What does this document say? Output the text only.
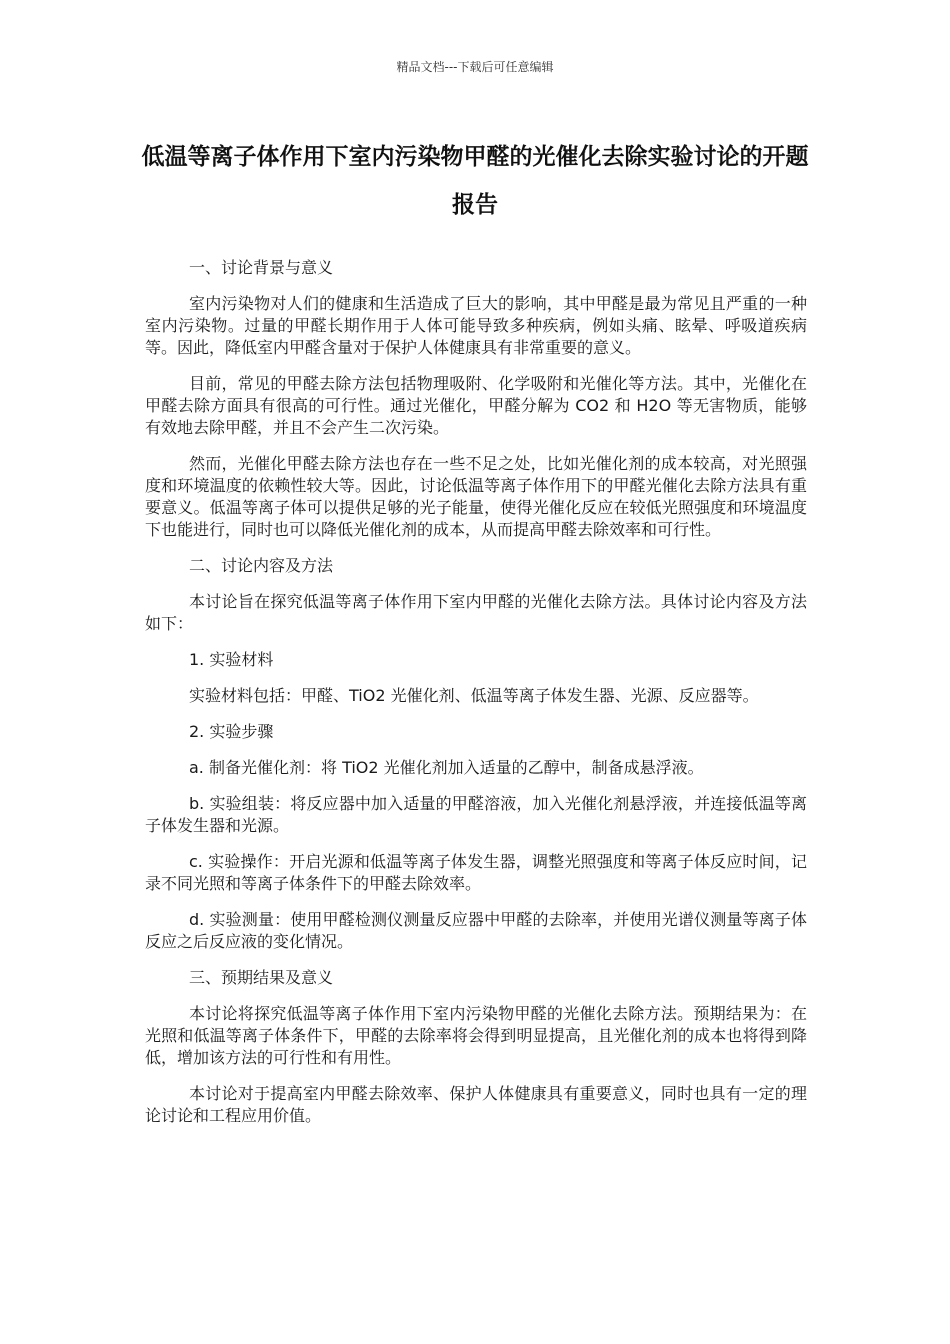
精品文档---下载后可任意编辑
低温等离子体作用下室内污染物甲醛的光催化去除实验讨论的开题报告

一、讨论背景与意义

室内污染物对人们的健康和生活造成了巨大的影响，其中甲醛是最为常见且严重的一种室内污染物。过量的甲醛长期作用于人体可能导致多种疾病，例如头痛、眩晕、呼吸道疾病等。因此，降低室内甲醛含量对于保护人体健康具有非常重要的意义。

目前，常见的甲醛去除方法包括物理吸附、化学吸附和光催化等方法。其中，光催化在甲醛去除方面具有很高的可行性。通过光催化，甲醛分解为 CO2 和 H2O 等无害物质，能够有效地去除甲醛，并且不会产生二次污染。

然而，光催化甲醛去除方法也存在一些不足之处，比如光催化剂的成本较高，对光照强度和环境温度的依赖性较大等。因此，讨论低温等离子体作用下的甲醛光催化去除方法具有重要意义。低温等离子体可以提供足够的光子能量，使得光催化反应在较低光照强度和环境温度下也能进行，同时也可以降低光催化剂的成本，从而提高甲醛去除效率和可行性。

二、讨论内容及方法

本讨论旨在探究低温等离子体作用下室内甲醛的光催化去除方法。具体讨论内容及方法如下：

1. 实验材料

实验材料包括：甲醛、TiO2 光催化剂、低温等离子体发生器、光源、反应器等。

2. 实验步骤

a. 制备光催化剂：将 TiO2 光催化剂加入适量的乙醇中，制备成悬浮液。

b. 实验组装：将反应器中加入适量的甲醛溶液，加入光催化剂悬浮液，并连接低温等离子体发生器和光源。

c. 实验操作：开启光源和低温等离子体发生器，调整光照强度和等离子体反应时间，记录不同光照和等离子体条件下的甲醛去除效率。

d. 实验测量：使用甲醛检测仪测量反应器中甲醛的去除率，并使用光谱仪测量等离子体反应之后反应液的变化情况。

三、预期结果及意义

本讨论将探究低温等离子体作用下室内污染物甲醛的光催化去除方法。预期结果为：在光照和低温等离子体条件下，甲醛的去除率将会得到明显提高，且光催化剂的成本也将得到降低，增加该方法的可行性和有用性。

本讨论对于提高室内甲醛去除效率、保护人体健康具有重要意义，同时也具有一定的理论讨论和工程应用价值。
